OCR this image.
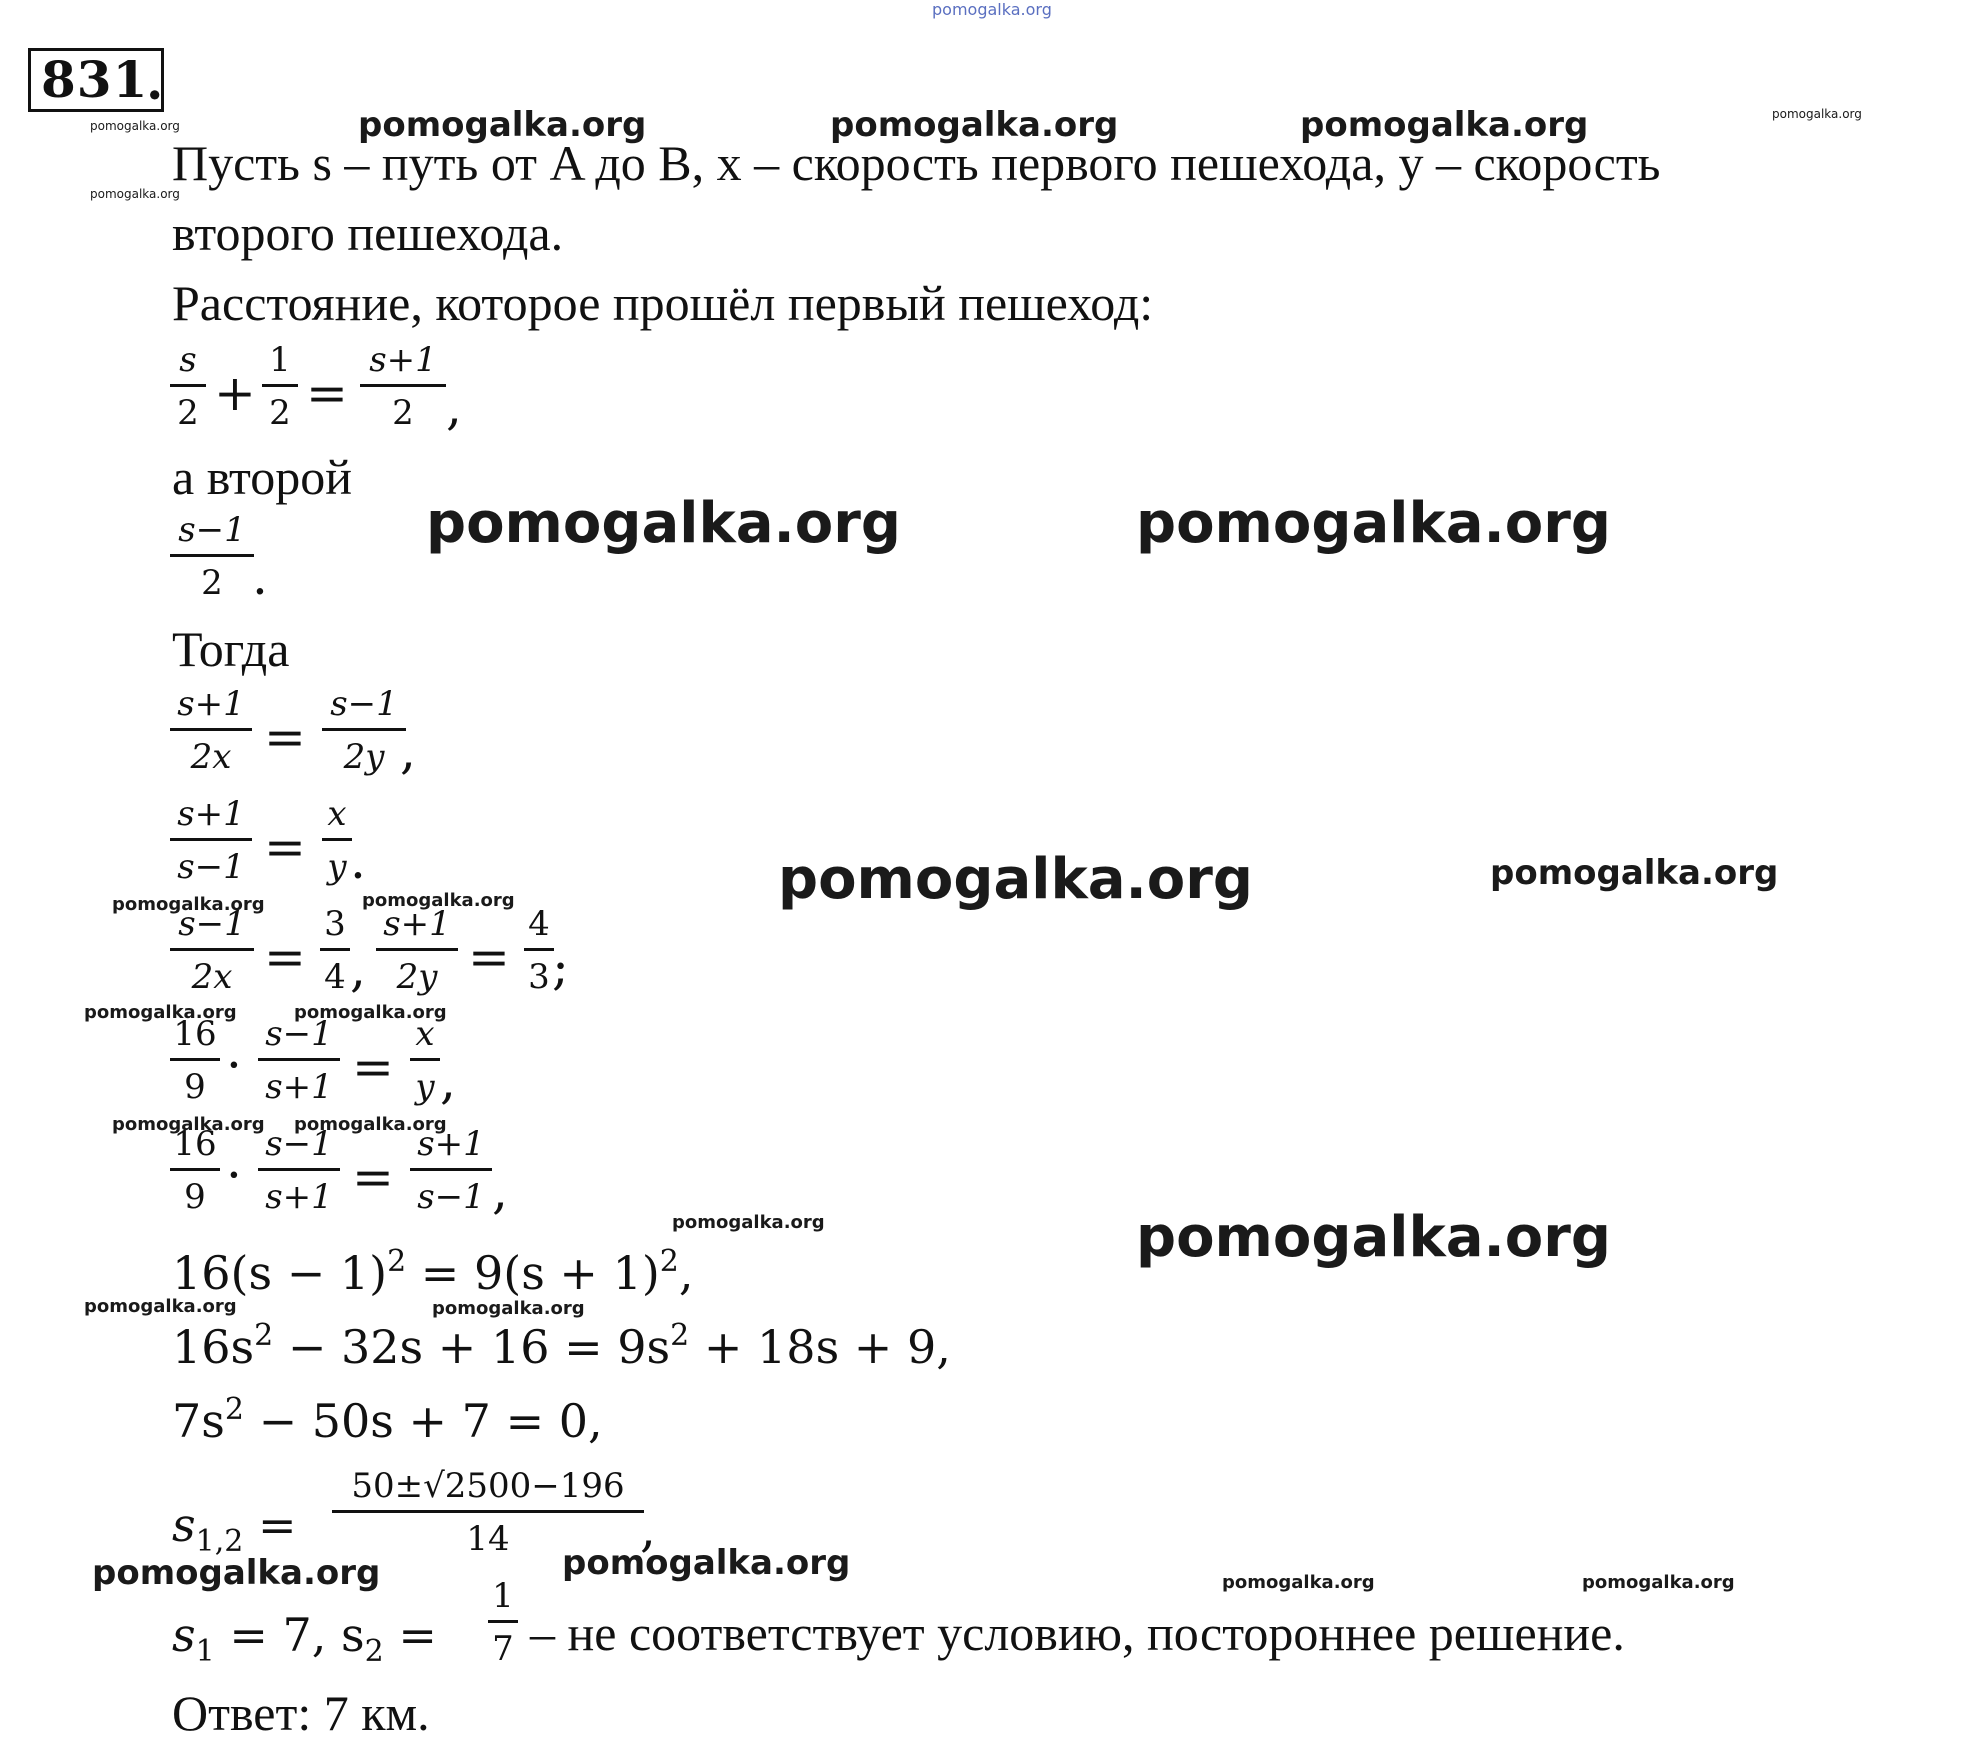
pomogalka.org
831
.
Пусть s – путь от A до B, x – скорость первого пешехода, y – скорость
второго пешехода.
Расстояние, которое прошёл первый пешеход:
s
2 +
1
2 =
s+1
2 ,
а второй
s−1
2 .
Тогда
s+1
2x =
s−1
2y ,
s+1
s−1 =
x
y .
s−1
2x =
3
4 ,
s+1
2y =
4
3 ;
16
9 ·
s−1
s+1 =
x
y ,
16
9 ·
s−1
s+1 =
s+1
s−1 ,
$16(s - 1)^2 = 9(s + 1)^2$,
$16s^2 - 32s + 16 = 9s^2 + 18s + 9$,
$7s^2 - 50s + 7 = 0$,
$s_{1,2}$ =
50±√2500−196
14	,
$s_1 = 7$, $s_2$ =
1
7 – не соответствует условию, постороннее решение.
Ответ: 7 км.
pomogalka.org
pomogalka.org
pomogalka.org
pomogalka.org	pomogalka.org	pomogalka.org
pomogalka.org	pomogalka.org
pomogalka.org	pomogalka.org
pomogalka.org	pomogalka.org
pomogalka.org	pomogalka.org
pomogalka.org pomogalka.org
pomogalka.org	pomogalka.org
pomogalka.org	pomogalka.org
pomogalka.org	pomogalka.org	pomogalka.org	pomogalka.org
